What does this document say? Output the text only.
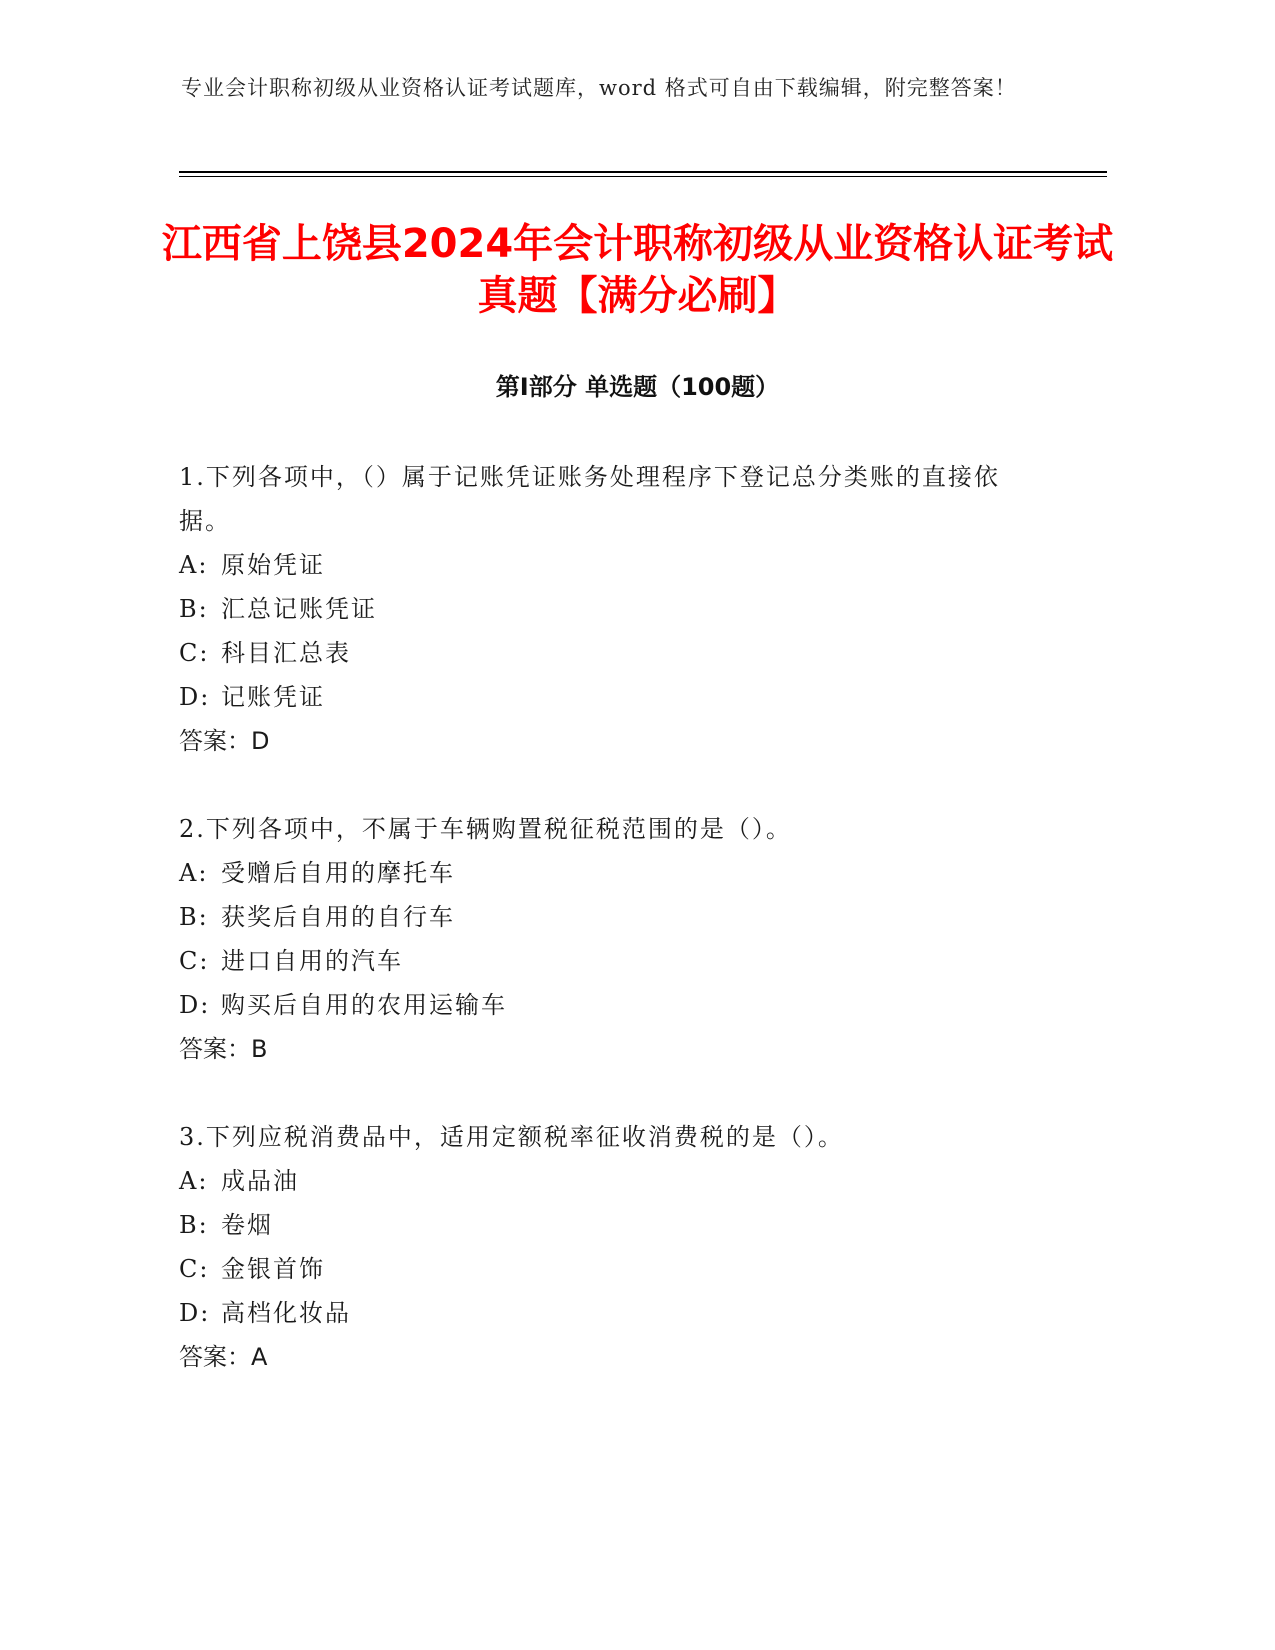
专业会计职称初级从业资格认证考试题库，word 格式可自由下载编辑，附完整答案！
江西省上饶县2024年会计职称初级从业资格认证考试真题【满分必刷】
第Ⅰ部分 单选题（100题）

1.下列各项中，（）属于记账凭证账务处理程序下登记总分类账的直接依据。

A: 原始凭证

B: 汇总记账凭证

C: 科目汇总表

D: 记账凭证

答案：D

2.下列各项中，不属于车辆购置税征税范围的是（）。

A: 受赠后自用的摩托车

B: 获奖后自用的自行车

C: 进口自用的汽车

D: 购买后自用的农用运输车

答案：B

3.下列应税消费品中，适用定额税率征收消费税的是（）。

A: 成品油

B: 卷烟

C: 金银首饰

D: 高档化妆品

答案：A
